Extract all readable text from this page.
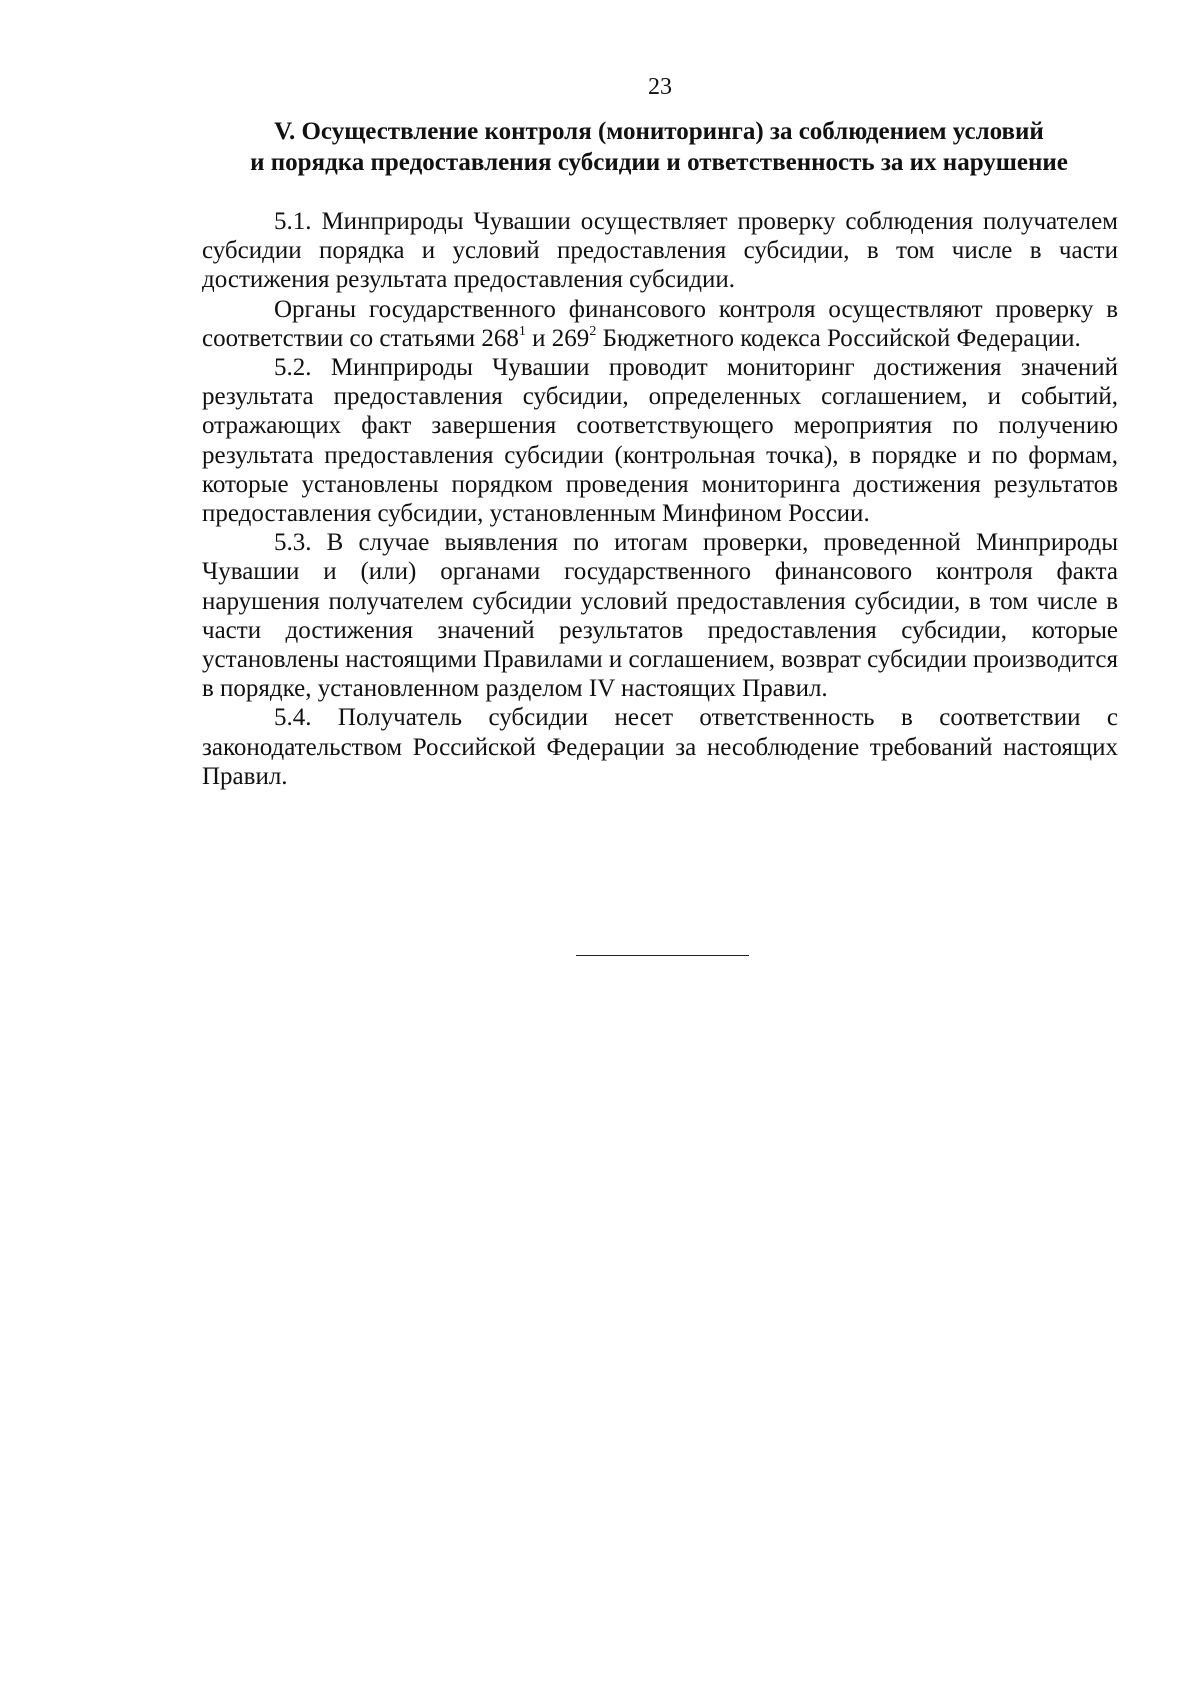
23
V. Осуществление контроля (мониторинга) за соблюдением условий
и порядка предоставления субсидии и ответственность за их нарушение

5.1. Минприроды Чувашии осуществляет проверку соблюдения получателем субсидии порядка и условий предоставления субсидии, в том числе в части достижения результата предоставления субсидии.

Органы государственного финансового контроля осуществляют проверку в соответствии со статьями $268^1$ и $269^2$ Бюджетного кодекса Российской Федерации.

5.2. Минприроды Чувашии проводит мониторинг достижения значений результата предоставления субсидии, определенных соглашением, и событий, отражающих факт завершения соответствующего мероприятия по получению результата предоставления субсидии (контрольная точка), в порядке и по формам, которые установлены порядком проведения мониторинга достижения результатов предоставления субсидии, установленным Минфином России.

5.3. В случае выявления по итогам проверки, проведенной Минприроды Чувашии и (или) органами государственного финансового контроля факта нарушения получателем субсидии условий предоставления субсидии, в том числе в части достижения значений результатов предоставления субсидии, которые установлены настоящими Правилами и соглашением, возврат субсидии производится в порядке, установленном разделом IV настоящих Правил.

5.4. Получатель субсидии несет ответственность в соответствии с законодательством Российской Федерации за несоблюдение требований настоящих Правил.
